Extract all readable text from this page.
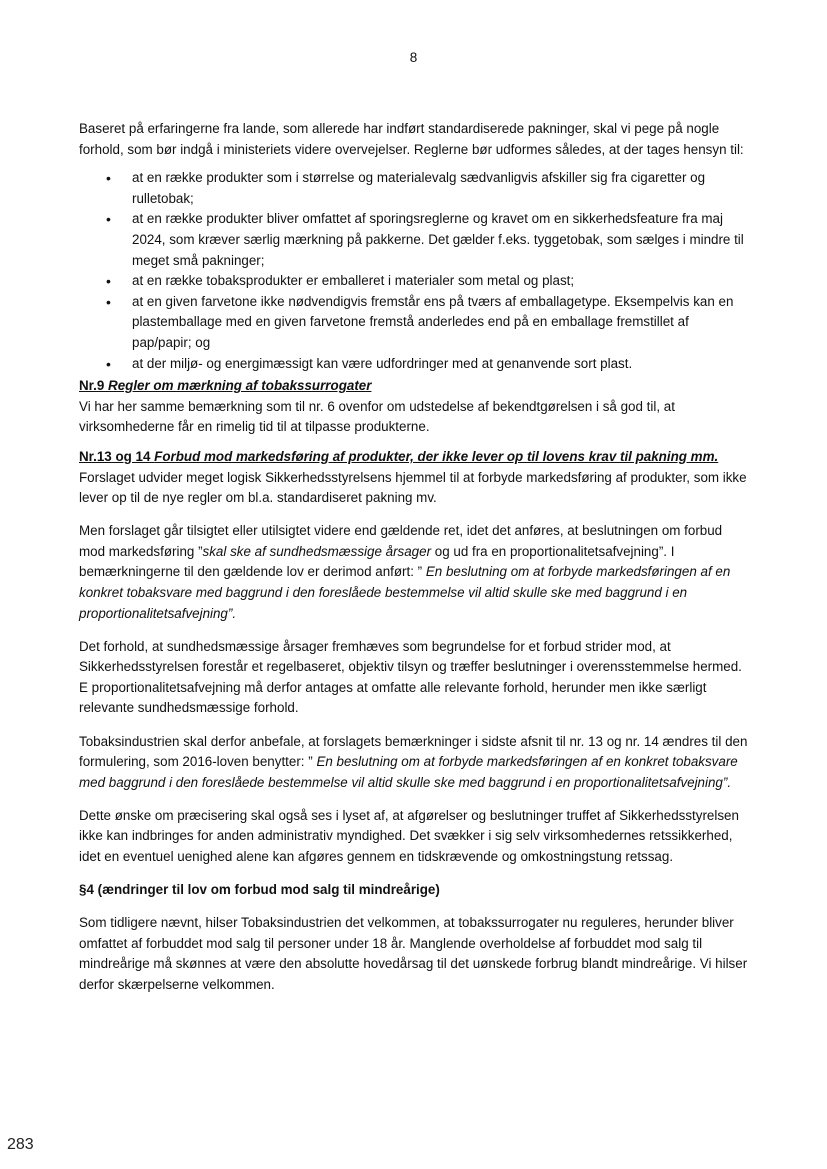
8

Baseret på erfaringerne fra lande, som allerede har indført standardiserede pakninger, skal vi pege på nogle forhold, som bør indgå i ministeriets videre overvejelser. Reglerne bør udformes således, at der tages hensyn til:

• at en række produkter som i størrelse og materialevalg sædvanligvis afskiller sig fra cigaretter og rulletobak;
• at en række produkter bliver omfattet af sporingsreglerne og kravet om en sikkerhedsfeature fra maj 2024, som kræver særlig mærkning på pakkerne. Det gælder f.eks. tyggetobak, som sælges i mindre til meget små pakninger;
• at en række tobaksprodukter er emballeret i materialer som metal og plast;
• at en given farvetone ikke nødvendigvis fremstår ens på tværs af emballagetype. Eksempelvis kan en plastemballage med en given farvetone fremstå anderledes end på en emballage fremstillet af pap/papir; og
• at der miljø- og energimæssigt kan være udfordringer med at genanvende sort plast.

Nr.9 Regler om mærkning af tobakssurrogater

Vi har her samme bemærkning som til nr. 6 ovenfor om udstedelse af bekendtgørelsen i så god til, at virksomhederne får en rimelig tid til at tilpasse produkterne.

Nr.13 og 14 Forbud mod markedsføring af produkter, der ikke lever op til lovens krav til pakning mm.

Forslaget udvider meget logisk Sikkerhedsstyrelsens hjemmel til at forbyde markedsføring af produkter, som ikke lever op til de nye regler om bl.a. standardiseret pakning mv.

Men forslaget går tilsigtet eller utilsigtet videre end gældende ret, idet det anføres, at beslutningen om forbud mod markedsføring ”skal ske af sundhedsmæssige årsager og ud fra en proportionalitetsafvejning”. I bemærkningerne til den gældende lov er derimod anført: ” En beslutning om at forbyde markedsføringen af en konkret tobaksvare med baggrund i den foreslåede bestemmelse vil altid skulle ske med baggrund i en proportionalitetsafvejning”.

Det forhold, at sundhedsmæssige årsager fremhæves som begrundelse for et forbud strider mod, at Sikkerhedsstyrelsen forestår et regelbaseret, objektiv tilsyn og træffer beslutninger i overensstemmelse hermed. E proportionalitetsafvejning må derfor antages at omfatte alle relevante forhold, herunder men ikke særligt relevante sundhedsmæssige forhold.

Tobaksindustrien skal derfor anbefale, at forslagets bemærkninger i sidste afsnit til nr. 13 og nr. 14 ændres til den formulering, som 2016-loven benytter: ” En beslutning om at forbyde markedsføringen af en konkret tobaksvare med baggrund i den foreslåede bestemmelse vil altid skulle ske med baggrund i en proportionalitetsafvejning”.

Dette ønske om præcisering skal også ses i lyset af, at afgørelser og beslutninger truffet af Sikkerhedsstyrelsen ikke kan indbringes for anden administrativ myndighed. Det svækker i sig selv virksomhedernes retssikkerhed, idet en eventuel uenighed alene kan afgøres gennem en tidskrævende og omkostningstung retssag.

§4 (ændringer til lov om forbud mod salg til mindreårige)

Som tidligere nævnt, hilser Tobaksindustrien det velkommen, at tobakssurrogater nu reguleres, herunder bliver omfattet af forbuddet mod salg til personer under 18 år. Manglende overholdelse af forbuddet mod salg til mindreårige må skønnes at være den absolutte hovedårsag til det uønskede forbrug blandt mindreårige. Vi hilser derfor skærpelserne velkommen.

283
